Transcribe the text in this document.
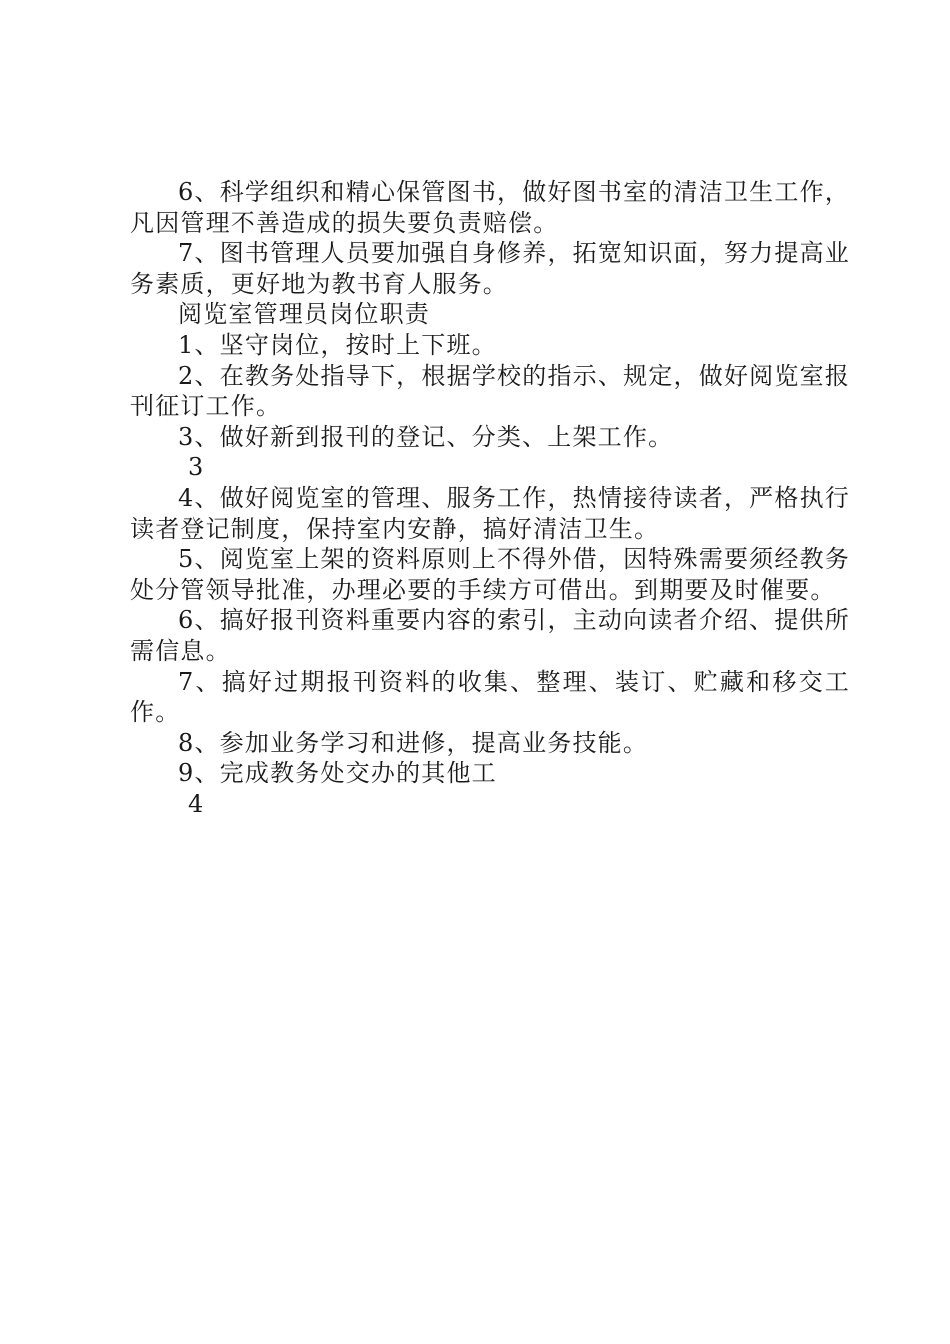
6、科学组织和精心保管图书，做好图书室的清洁卫生工作，凡因管理不善造成的损失要负责赔偿。

7、图书管理人员要加强自身修养，拓宽知识面，努力提高业务素质，更好地为教书育人服务。

阅览室管理员岗位职责

1、坚守岗位，按时上下班。

2、在教务处指导下，根据学校的指示、规定，做好阅览室报刊征订工作。

3、做好新到报刊的登记、分类、上架工作。

3

4、做好阅览室的管理、服务工作，热情接待读者，严格执行读者登记制度，保持室内安静，搞好清洁卫生。

5、阅览室上架的资料原则上不得外借，因特殊需要须经教务处分管领导批准，办理必要的手续方可借出。到期要及时催要。

6、搞好报刊资料重要内容的索引，主动向读者介绍、提供所需信息。

7、搞好过期报刊资料的收集、整理、装订、贮藏和移交工作。

8、参加业务学习和进修，提高业务技能。

9、完成教务处交办的其他工

4
